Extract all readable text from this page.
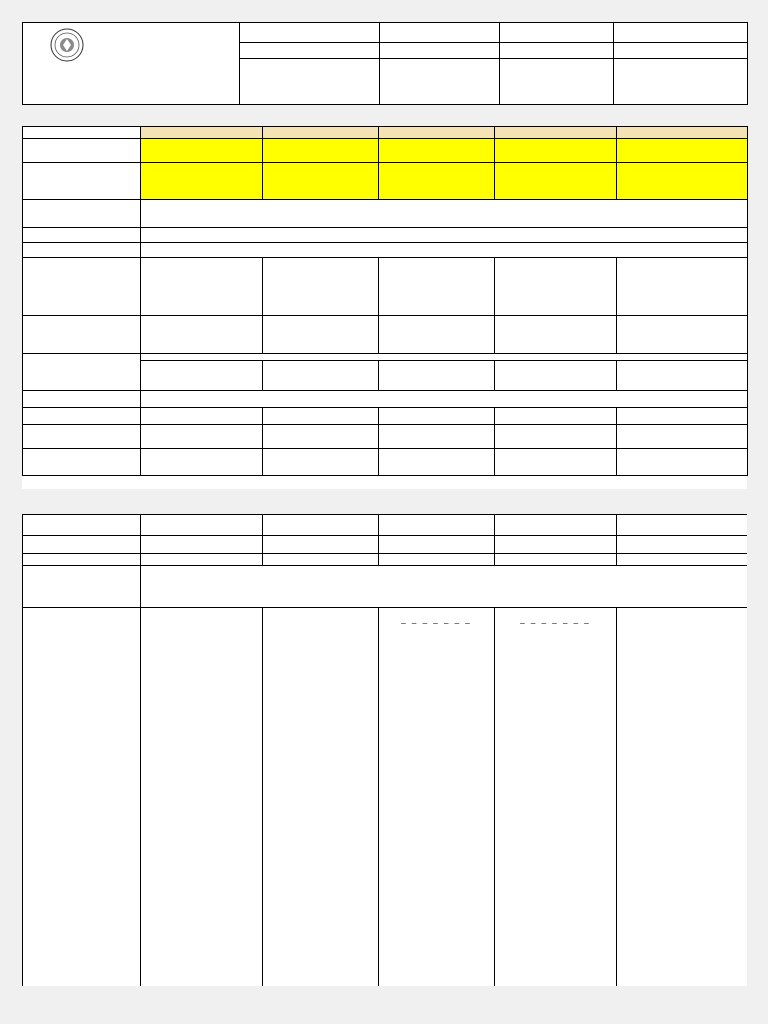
			_ _ _ _ _ _ _	_ _ _ _ _ _ _	
